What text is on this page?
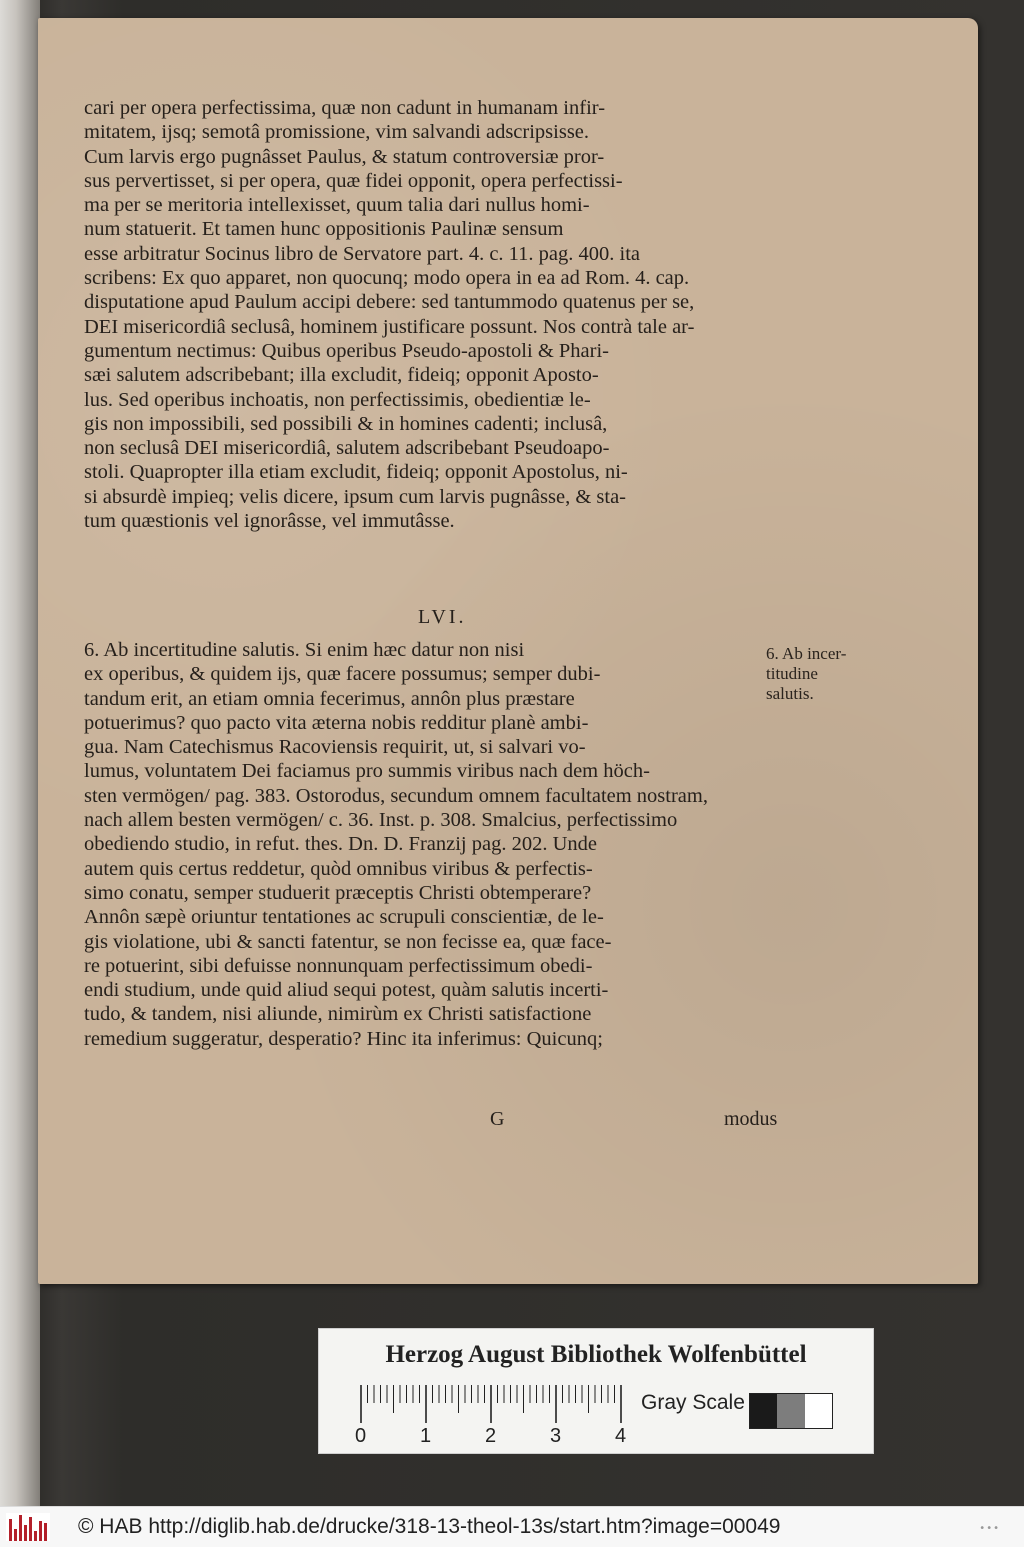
cari per opera perfectissima, quæ non cadunt in humanam infir-
mitatem, ijsq; semotâ promissione, vim salvandi adscripsisse.
Cum larvis ergo pugnâsset Paulus, & statum controversiæ pror-
sus pervertisset, si per opera, quæ fidei opponit, opera perfectissi-
ma per se meritoria intellexisset, quum talia dari nullus homi-
num statuerit. Et tamen hunc oppositionis Paulinæ sensum
esse arbitratur Socinus libro de Servatore part. 4. c. 11. pag. 400. ita
scribens: Ex quo apparet, non quocunq; modo opera in ea ad Rom. 4. cap.
disputatione apud Paulum accipi debere: sed tantummodo quatenus per se,
DEI misericordiâ seclusâ, hominem justificare possunt. Nos contrà tale ar-
gumentum nectimus: Quibus operibus Pseudo-apostoli & Phari-
sæi salutem adscribebant; illa excludit, fideiq; opponit Aposto-
lus. Sed operibus inchoatis, non perfectissimis, obedientiæ le-
gis non impossibili, sed possibili & in homines cadenti; inclusâ,
non seclusâ DEI misericordiâ, salutem adscribebant Pseudoapo-
stoli. Quapropter illa etiam excludit, fideiq; opponit Apostolus, ni-
si absurdè impieq; velis dicere, ipsum cum larvis pugnâsse, & sta-
tum quæstionis vel ignorâsse, vel immutâsse.
LVI.
6. Ab incertitudine salutis. Si enim hæc datur non nisi
ex operibus, & quidem ijs, quæ facere possumus; semper dubi-
tandum erit, an etiam omnia fecerimus, annôn plus præstare
potuerimus? quo pacto vita æterna nobis redditur planè ambi-
gua. Nam Catechismus Racoviensis requirit, ut, si salvari vo-
lumus, voluntatem Dei faciamus pro summis viribus nach dem höch-
sten vermögen/ pag. 383. Ostorodus, secundum omnem facultatem nostram,
nach allem besten vermögen/ c. 36. Inst. p. 308. Smalcius, perfectissimo
obediendo studio, in refut. thes. Dn. D. Franzij pag. 202. Unde
autem quis certus reddetur, quòd omnibus viribus & perfectis-
simo conatu, semper studuerit præceptis Christi obtemperare?
Annôn sæpè oriuntur tentationes ac scrupuli conscientiæ, de le-
gis violatione, ubi & sancti fatentur, se non fecisse ea, quæ face-
re potuerint, sibi defuisse nonnunquam perfectissimum obedi-
endi studium, unde quid aliud sequi potest, quàm salutis incerti-
tudo, & tandem, nisi aliunde, nimirùm ex Christi satisfactione
remedium suggeratur, desperatio? Hinc ita inferimus: Quicunq;
6. Ab incer-
titudine
salutis.
G	modus
Herzog August Bibliothek Wolfenbüttel
0	1	2	3	4
Gray Scale
© HAB http://diglib.hab.de/drucke/318-13-theol-13s/start.htm?image=00049	•••
